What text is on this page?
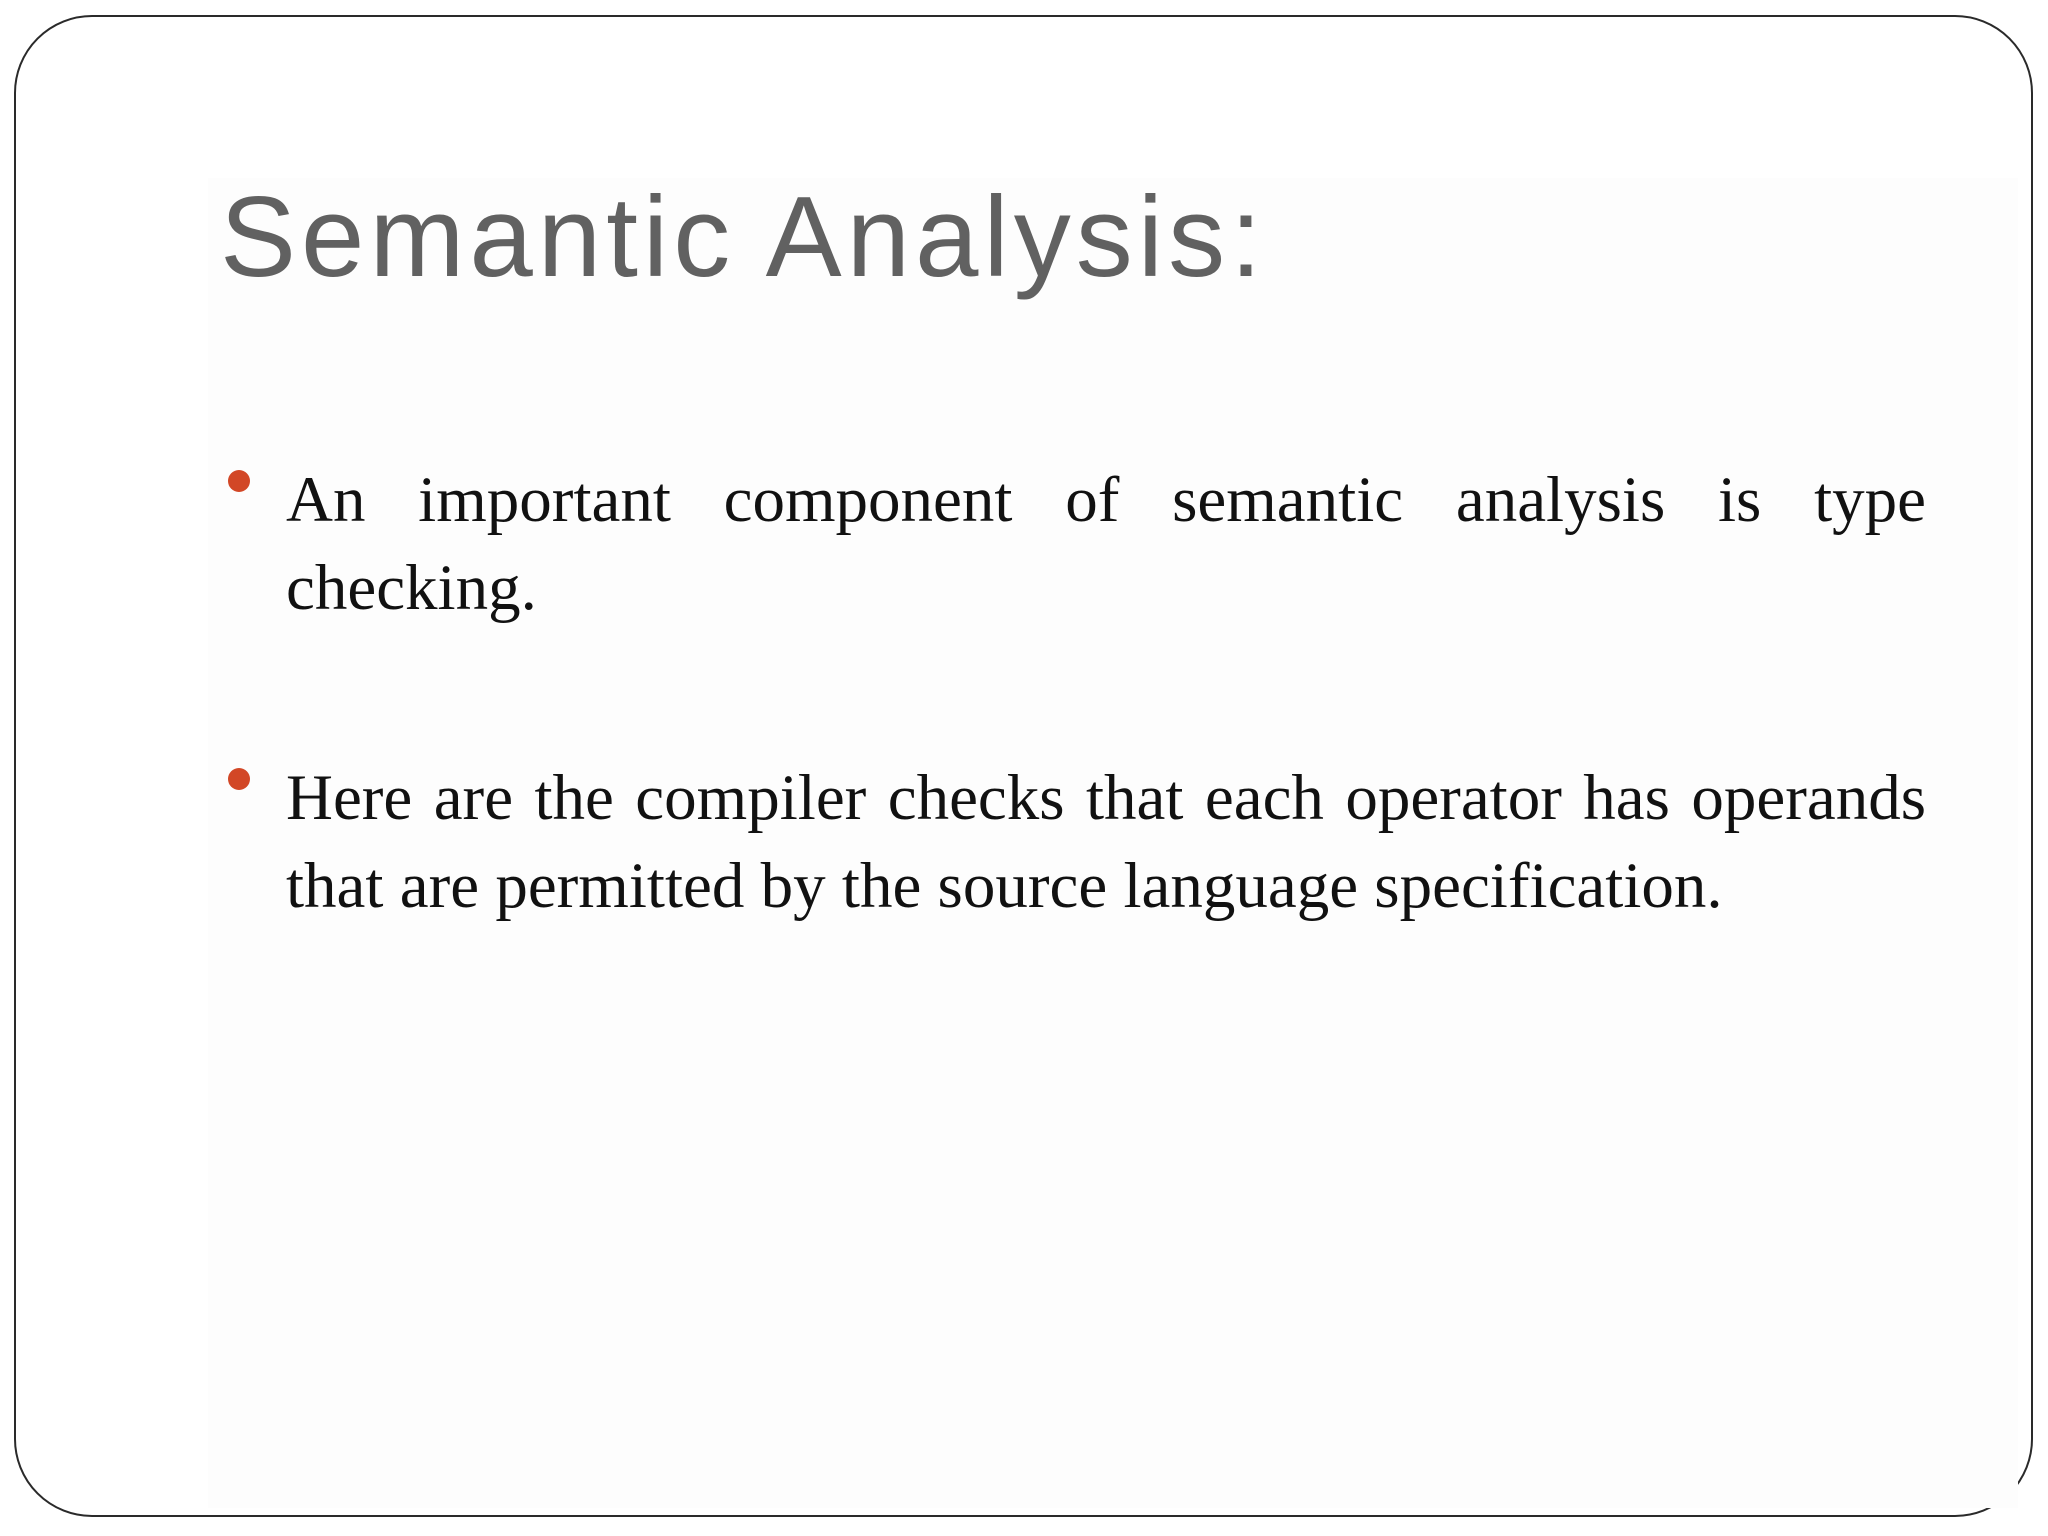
Semantic Analysis:
An important component of semantic analysis is type checking.
Here are the compiler checks that each operator has operands that are permitted by the source language specification.
